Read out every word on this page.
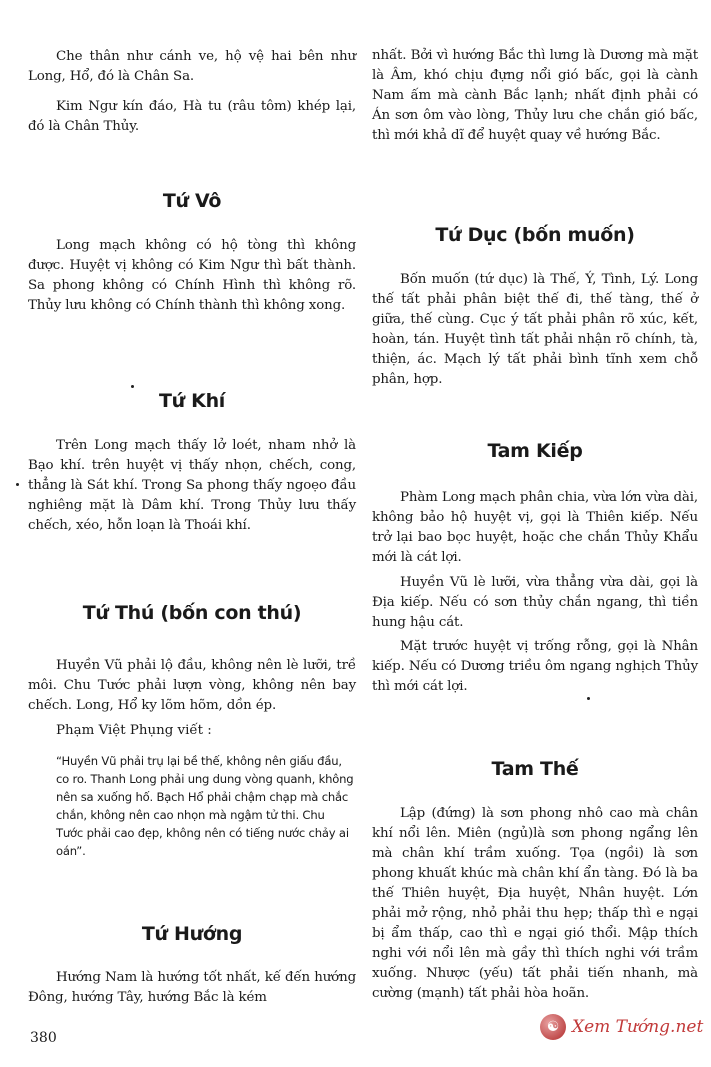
Che thân như cánh ve, hộ vệ hai bên như Long, Hổ, đó là Chân Sa.

Kim Ngư kín đáo, Hà tu (râu tôm) khép lại, đó là Chân Thủy.

Tứ Vô

Long mạch không có hộ tòng thì không được. Huyệt vị không có Kim Ngư thì bất thành. Sa phong không có Chính Hình thì không rõ. Thủy lưu không có Chính thành thì không xong.

Tứ Khí

Trên Long mạch thấy lở loét, nham nhở là Bạo khí. trên huyệt vị thấy nhọn, chếch, cong, thẳng là Sát khí. Trong Sa phong thấy ngoẹo đầu nghiêng mặt là Dâm khí. Trong Thủy lưu thấy chếch, xéo, hỗn loạn là Thoái khí.

Tứ Thú (bốn con thú)

Huyền Vũ phải lộ đầu, không nên lè lưỡi, trề môi. Chu Tước phải lượn vòng, không nên bay chếch. Long, Hổ ky lõm hõm, dồn ép.

Phạm Việt Phụng viết :

“Huyền Vũ phải trụ lại bề thế, không nên giấu đầu, co ro. Thanh Long phải ung dung vòng quanh, không nên sa xuống hố. Bạch Hổ phải chậm chạp mà chắc chắn, không nên cao nhọn mà ngậm tử thi. Chu Tước phải cao đẹp, không nên có tiếng nước chảy ai oán”.

Tứ Hướng

Hướng Nam là hướng tốt nhất, kế đến hướng Đông, hướng Tây, hướng Bắc là kém

nhất. Bởi vì hướng Bắc thì lưng là Dương mà mặt là Âm, khó chịu đựng nổi gió bấc, gọi là cành Nam ấm mà cành Bắc lạnh; nhất định phải có Án sơn ôm vào lòng, Thủy lưu che chắn gió bấc, thì mới khả dĩ để huyệt quay về hướng Bắc.

Tứ Dục (bốn muốn)

Bốn muốn (tứ dục) là Thế, Ý, Tình, Lý. Long thế tất phải phân biệt thế đi, thế tàng, thế ở giữa, thế cùng. Cục ý tất phải phân rõ xúc, kết, hoàn, tán. Huyệt tình tất phải nhận rõ chính, tà, thiện, ác. Mạch lý tất phải bình tĩnh xem chỗ phân, hợp.

Tam Kiếp

Phàm Long mạch phân chia, vừa lớn vừa dài, không bảo hộ huyệt vị, gọi là Thiên kiếp. Nếu trở lại bao bọc huyệt, hoặc che chắn Thủy Khẩu mới là cát lợi.

Huyền Vũ lè lưỡi, vừa thẳng vừa dài, gọi là Địa kiếp. Nếu có sơn thủy chắn ngang, thì tiền hung hậu cát.

Mặt trước huyệt vị trống rỗng, gọi là Nhân kiếp. Nếu có Dương triều ôm ngang nghịch Thủy thì mới cát lợi.

Tam Thế

Lập (đứng) là sơn phong nhô cao mà chân khí nổi lên. Miên (ngủ)là sơn phong ngẩng lên mà chân khí trầm xuống. Tọa (ngồi) là sơn phong khuất khúc mà chân khí ẩn tàng. Đó là ba thế Thiên huyệt, Địa huyệt, Nhân huyệt. Lớn phải mở rộng, nhỏ phải thu hẹp; thấp thì e ngại bị ẩm thấp, cao thì e ngại gió thổi. Mập thích nghi với nổi lên mà gầy thì thích nghi với trầm xuống. Nhược (yếu) tất phải tiến nhanh, mà cường (mạnh) tất phải hòa hoãn.

380
☯ Xem Tướng.net
